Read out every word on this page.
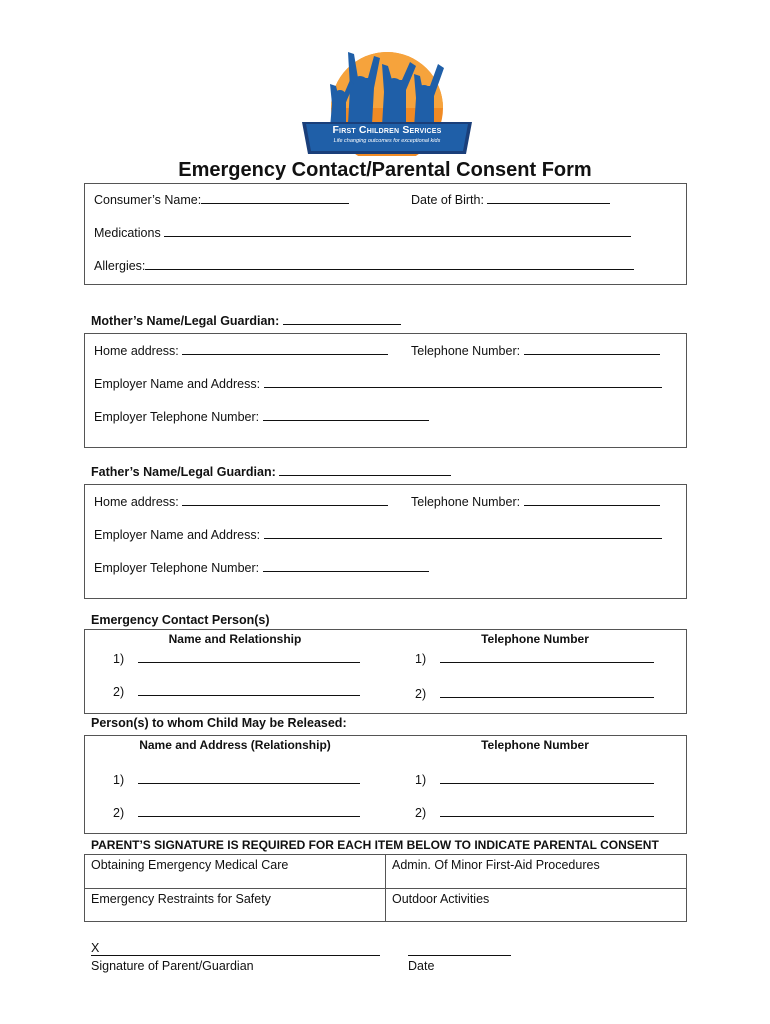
First Children Services
Life changing outcomes for exceptional kids
Emergency Contact/Parental Consent Form
Consumer’s Name:	Date of Birth:
Medications
Allergies:
Mother’s Name/Legal Guardian:
Home address:	Telephone Number:
Employer Name and Address:
Employer Telephone Number:
Father’s Name/Legal Guardian:
Home address:	Telephone Number:
Employer Name and Address:
Employer Telephone Number:
Emergency Contact Person(s)
Name and Relationship	Telephone Number
1)	1)
2)	2)
Person(s) to whom Child May be Released:
Name and Address (Relationship)	Telephone Number
1)	1)
2)	2)
PARENT’S SIGNATURE IS REQUIRED FOR EACH ITEM BELOW TO INDICATE PARENTAL CONSENT
Obtaining Emergency Medical Care	Admin. Of Minor First-Aid Procedures
Emergency Restraints for Safety	Outdoor Activities
X
Signature of Parent/Guardian	Date
